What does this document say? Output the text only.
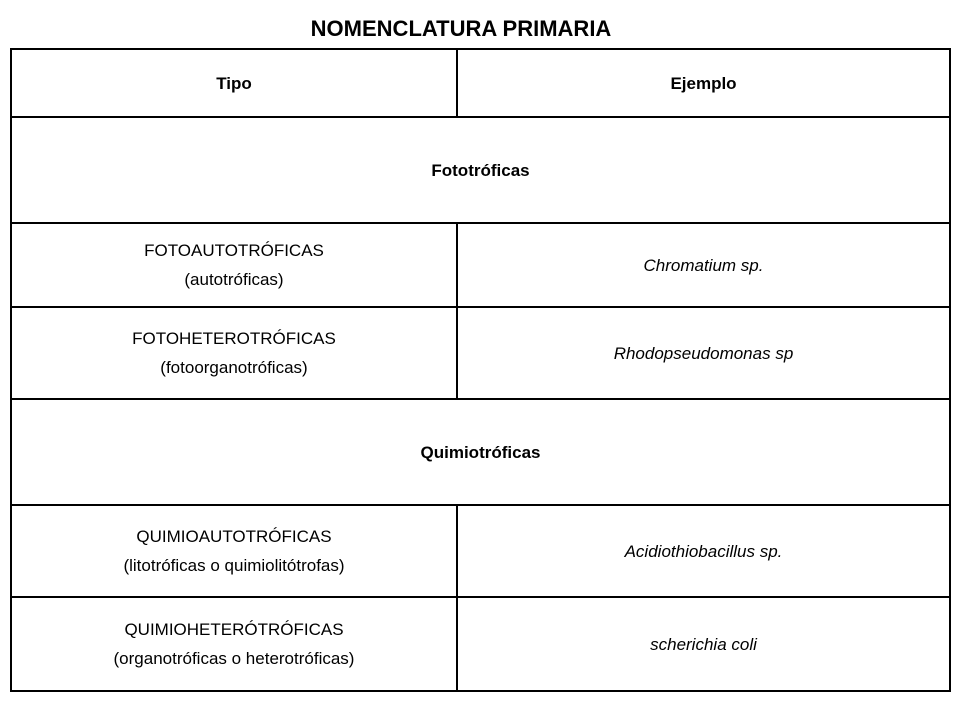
NOMENCLATURA PRIMARIA
Tipo	Ejemplo
Fototróficas	

FOTOAUTOTRÓFICAS
(autotróficas)	Chromatium sp.

FOTOHETEROTRÓFICAS
(fotoorganotróficas)	Rhodopseudomonas sp
Quimiotróficas	

QUIMIOAUTOTRÓFICAS
(litotróficas o quimiolitótrofas)	Acidiothiobacillus sp.

QUIMIOHETERÓTRÓFICAS
(organotróficas o heterotróficas)	scherichia coli
